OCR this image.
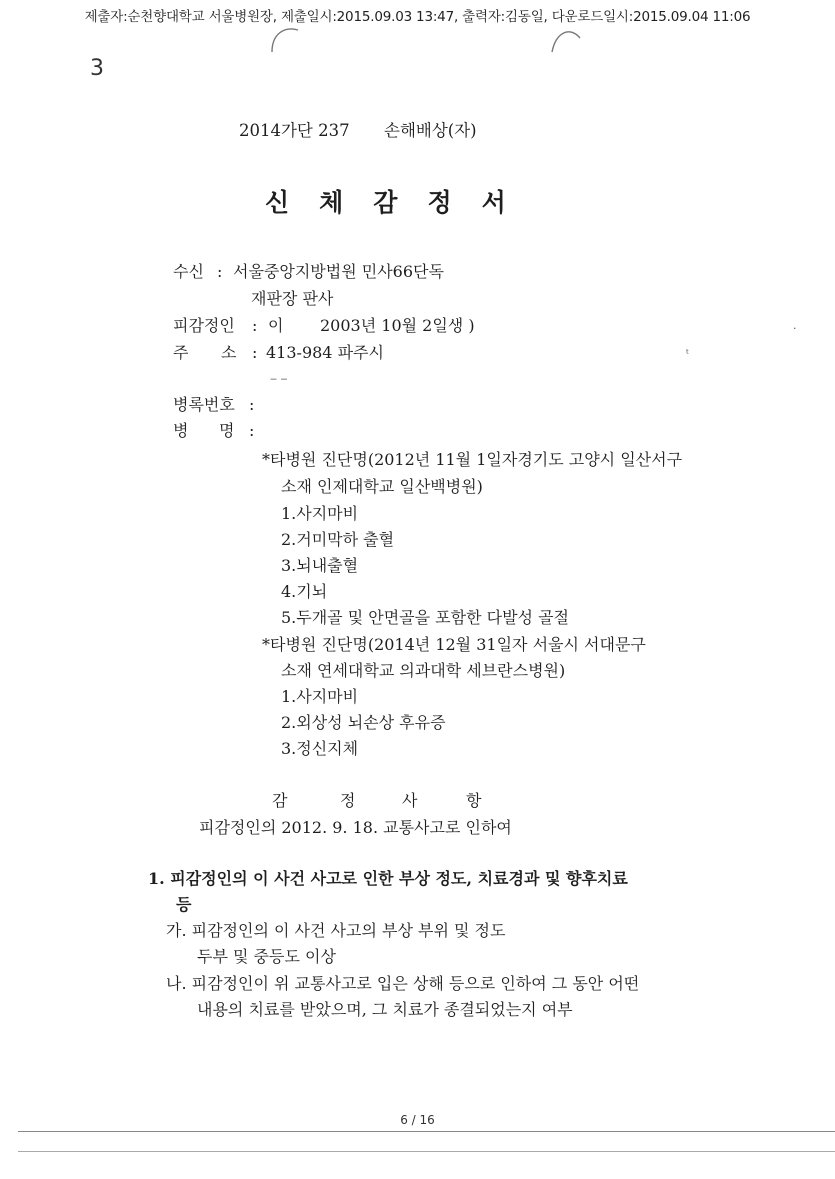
제출자:순천향대학교 서울병원장, 제출일시:2015.09.03 13:47, 출력자:김동일, 다운로드일시:2015.09.04 11:06
3
2014가단 237 손해배상(자)
신체감정서
수신 : 서울중앙지방법원 민사66단독
재판장 판사
피감정인 : 이 2003년 10월 2일생 )
주 소 : 413-984 파주시	ᵗ
‒ ‒
병록번호 :
병 명 :
*타병원 진단명(2012년 11월 1일자경기도 고양시 일산서구
소재 인제대학교 일산백병원)
1.사지마비
2.거미막하 출혈
3.뇌내출혈
4.기뇌
5.두개골 및 안면골을 포함한 다발성 골절
*타병원 진단명(2014년 12월 31일자 서울시 서대문구
소재 연세대학교 의과대학 세브란스병원)
1.사지마비
2.외상성 뇌손상 후유증
3.정신지체
감	정	사	항
피감정인의 2012. 9. 18. 교통사고로 인하여
1. 피감정인의 이 사건 사고로 인한 부상 정도, 치료경과 및 향후치료
등
가. 피감정인의 이 사건 사고의 부상 부위 및 정도
두부 및 중등도 이상
나. 피감정인이 위 교통사고로 입은 상해 등으로 인하여 그 동안 어떤
내용의 치료를 받았으며, 그 치료가 종결되었는지 여부
·
6 / 16
